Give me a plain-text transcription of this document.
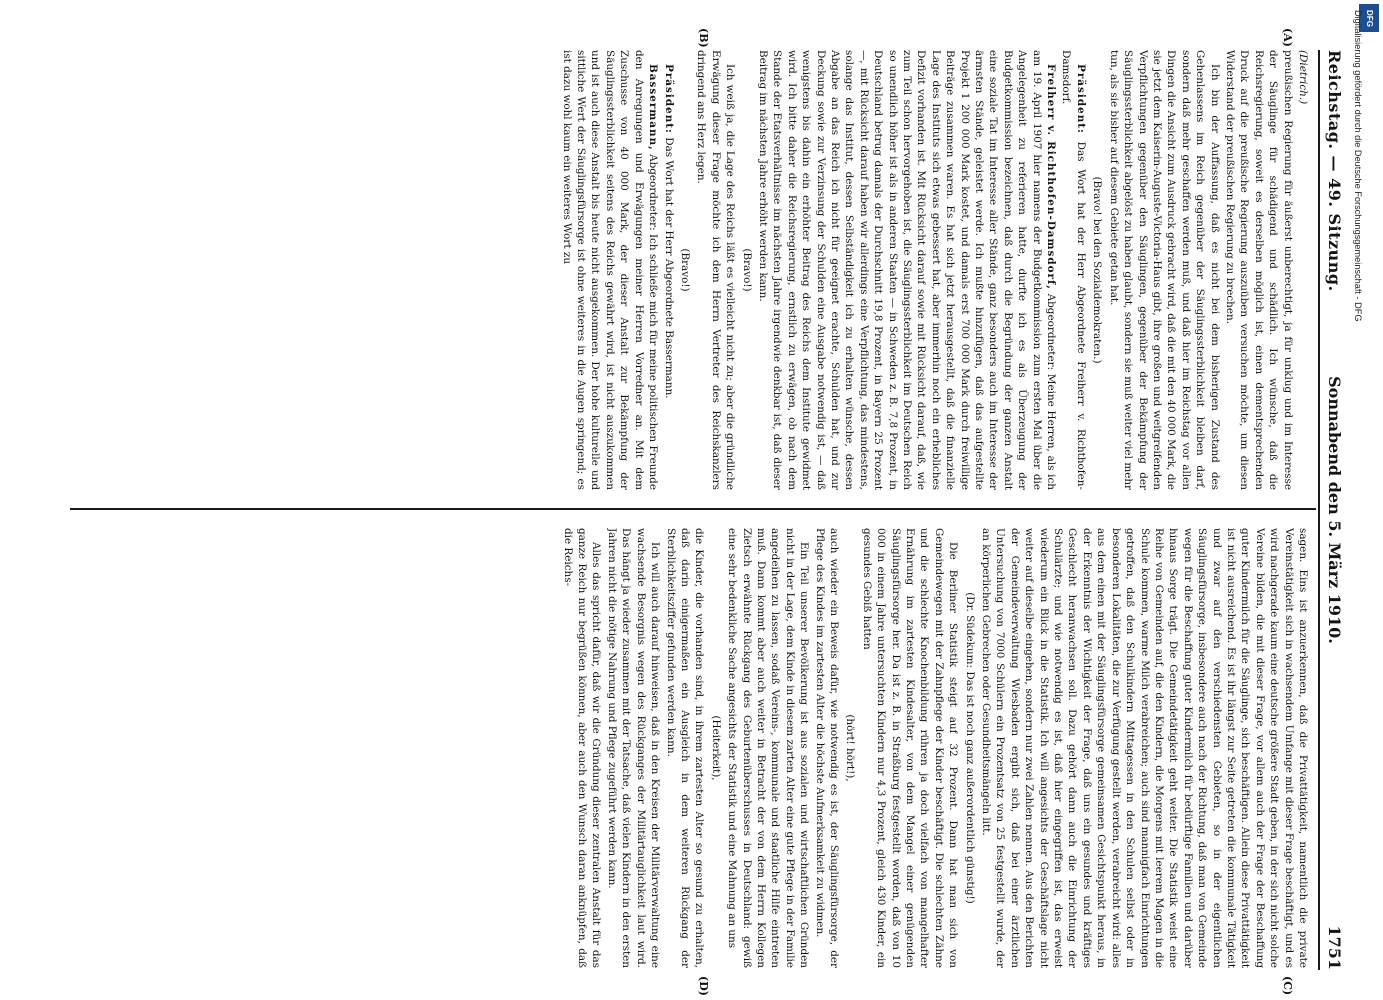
Reichstag. — 49. Sitzung.
Sonnabend den 5. März 1910.
1751
(A)
(B)
(C)
(D)

(Dietrich.)

preußischen Regierung für äußerst unberechtigt, ja für unklug und im Interesse der Säuglinge für schädigend und schädlich. Ich wünsche, daß die Reichsregierung, soweit es derselben möglich ist, einen dementsprechenden Druck auf die preußische Regierung auszuüben versuchen möchte, um diesen Widerstand der preußischen Regierung zu brechen.

Ich bin der Auffassung, daß es nicht bei dem bisherigen Zustand des Gehenlassens im Reich gegenüber der Säuglingssterblichkeit bleiben darf, sondern daß mehr geschaffen werden muß, und daß hier im Reichstag vor allen Dingen die Ansicht zum Ausdruck gebracht wird, daß die mit den 40 000 Mark, die sie jetzt dem Kaiserin-Auguste-Victoria-Haus gibt, ihre großen und weitgreifenden Verpflichtungen gegenüber den Säuglingen, gegenüber der Bekämpfung der Säuglingssterblichkeit abgelöst zu haben glaubt, sondern sie muß weiter viel mehr tun, als sie bisher auf diesem Gebiete getan hat.

(Bravo! bei den Sozialdemokraten.)

Präsident: Das Wort hat der Herr Abgeordnete Freiherr v. Richthofen-Damsdorf.

Freiherr v. Richthofen-Damsdorf, Abgeordneter: Meine Herren, als ich am 19. April 1907 hier namens der Budgetkommission zum ersten Mal über die Angelegenheit zu referieren hatte, durfte ich es als Überzeugung der Budgetkommission bezeichnen, daß durch die Begründung der ganzen Anstalt eine soziale Tat im Interesse aller Stände, ganz besonders auch im Interesse der ärmsten Stände, geleistet werde. Ich mußte hinzufügen, daß das aufgestellte Projekt 1 200 000 Mark kostet, und damals erst 700 000 Mark durch freiwillige Beiträge zusammen waren. Es hat sich jetzt herausgestellt, daß die finanzielle Lage des Instituts sich etwas gebessert hat, aber immerhin noch ein erhebliches Defizit vorhanden ist. Mit Rücksicht darauf sowie mit Rücksicht darauf, daß, wie zum Teil schon hervorgehoben ist, die Säuglingssterblichkeit im Deutschen Reich so unendlich höher ist als in anderen Staaten — in Schweden z. B. 7,8 Prozent, in Deutschland betrug damals der Durchschnitt 19,8 Prozent, in Bayern 25 Prozent —, mit Rücksicht darauf haben wir allerdings eine Verpflichtung, das mindestens, solange das Institut, dessen Selbständigkeit ich zu erhalten wünsche, dessen Abgabe an das Reich ich nicht für geeignet erachte, Schulden hat, und zur Deckung sowie zur Verzinsung der Schulden eine Ausgabe notwendig ist, — daß wenigstens bis dahin ein erhöhter Beitrag des Reichs dem Institute gewidmet wird. Ich bitte daher die Reichsregierung, ernstlich zu erwägen, ob nach dem Stande der Etatsverhältnisse im nächsten Jahre irgendwie denkbar ist, daß dieser Beitrag im nächsten Jahre erhöht werden kann.

(Bravo!)

Ich weiß ja, die Lage des Reichs läßt es vielleicht nicht zu; aber die gründliche Erwägung dieser Frage möchte ich dem Herrn Vertreter des Reichskanzlers dringend ans Herz legen.

(Bravo!)

Präsident: Das Wort hat der Herr Abgeordnete Bassermann.

Bassermann, Abgeordneter: Ich schließe mich für meine politischen Freunde den Anregungen und Erwägungen meiner Herren Vorredner an. Mit dem Zuschusse von 40 000 Mark, der dieser Anstalt zur Bekämpfung der Säuglingssterblichkeit seitens des Reichs gewährt wird, ist nicht auszukommen und ist auch diese Anstalt bis heute nicht ausgekommen. Der hohe kulturelle und sittliche Wert der Säuglingsfürsorge ist ohne weiteres in die Augen springend; es ist dazu wohl kaum ein weiteres Wort zu

sagen. Eins ist anzuerkennen, daß die Privattätigkeit, namentlich die private Vereinstätigkeit sich in wachsendem Umfange mit dieser Frage beschäftigt, und es wird nachgerade kaum eine deutsche größere Stadt geben, in der sich nicht solche Vereine bilden, die mit dieser Frage, vor allem auch der Frage der Beschaffung guter Kindermilch für die Säuglinge, sich beschäftigen. Allein diese Privattätigkeit ist nicht ausreichend. Es ist ihr längst zur Seite getreten die kommunale Tätigkeit und zwar auf den verschiedensten Gebieten, so in der eigentlichen Säuglingsfürsorge, insbesondere auch nach der Richtung, daß man von Gemeinde wegen für die Beschaffung guter Kindermilch für bedürftige Familien und darüber hinaus Sorge trägt. Die Gemeindetätigkeit geht weiter. Die Statistik weist eine Reihe von Gemeinden auf, die den Kindern, die Morgens mit leerem Magen in die Schule kommen, warme Milch verabreichen; auch sind mannigfach Einrichtungen getroffen, daß den Schulkindern Mittagessen in den Schulen selbst oder in besonderen Lokalitäten, die zur Verfügung gestellt werden, verabreicht wird: alles aus dem einen mit der Säuglingsfürsorge gemeinsamen Gesichtspunkt heraus, in der Erkenntnis der Wichtigkeit der Frage, daß uns ein gesundes und kräftiges Geschlecht heranwachsen soll. Dazu gehört dann auch die Einrichtung der Schulärzte; und wie notwendig es ist, daß hier eingegriffen ist, das erweist wiederum ein Blick in die Statistik. Ich will angesichts der Geschäftslage nicht weiter auf dieselbe eingehen, sondern nur zwei Zahlen nennen. Aus den Berichten der Gemeindeverwaltung Wiesbaden ergibt sich, daß bei einer ärztlichen Untersuchung von 7000 Schülern ein Prozentsatz von 25 festgestellt wurde, der an körperlichen Gebrechen oder Gesundheitsmängeln litt.

(Dr. Südekum: Das ist noch ganz außerordentlich günstig!)

Die Berliner Statistik steigt auf 32 Prozent. Dann hat man sich von Gemeindewegen mit der Zahnpflege der Kinder beschäftigt. Die schlechten Zähne und die schlechte Knochenbildung rühren ja doch vielfach von mangelhafter Ernährung im zartesten Kindesalter, von dem Mangel einer genügenden Säuglingsfürsorge her. Da ist z. B. in Straßburg festgestellt worden, daß von 10 000 in einem Jahre untersuchten Kindern nur 4,3 Prozent, gleich 430 Kinder, ein gesundes Gebiß hatten

(hört! hört!),

auch wieder ein Beweis dafür, wie notwendig es ist, der Säuglingsfürsorge, der Pflege des Kindes im zartesten Alter die höchste Aufmerksamkeit zu widmen.

Ein Teil unserer Bevölkerung ist aus sozialen und wirtschaftlichen Gründen nicht in der Lage, dem Kinde in diesem zarten Alter eine gute Pflege in der Familie angedeihen zu lassen, sodaß Vereins-, kommunale und staatliche Hilfe eintreten muß. Dann kommt aber auch weiter in Betracht der von dem Herrn Kollegen Zietsch erwähnte Rückgang des Geburtenüberschusses in Deutschland: gewiß eine sehr bedenkliche Sache angesichts der Statistik und eine Mahnung an uns

(Heiterkeit),

die Kinder, die vorhanden sind, in ihrem zartesten Alter so gesund zu erhalten, daß darin einigermaßen ein Ausgleich in dem weiteren Rückgang der Sterblichkeitsziffer gefunden werden kann.

Ich will auch darauf hinweisen, daß in den Kreisen der Militärverwaltung eine wachsende Besorgnis wegen des Rückganges der Militärtauglichkeit laut wird. Das hängt ja wieder zusammen mit der Tatsache, daß vielen Kindern in den ersten Jahren nicht die nötige Nahrung und Pflege zugeführt werden kann.

Alles das spricht dafür, daß wir die Gründung dieser zentralen Anstalt für das ganze Reich nur begrüßen können, aber auch den Wunsch daran anknüpfen, daß die Reichs-

DFG
Digitalisierung gefördert durch die Deutsche Forschungsgemeinschaft - DFG
